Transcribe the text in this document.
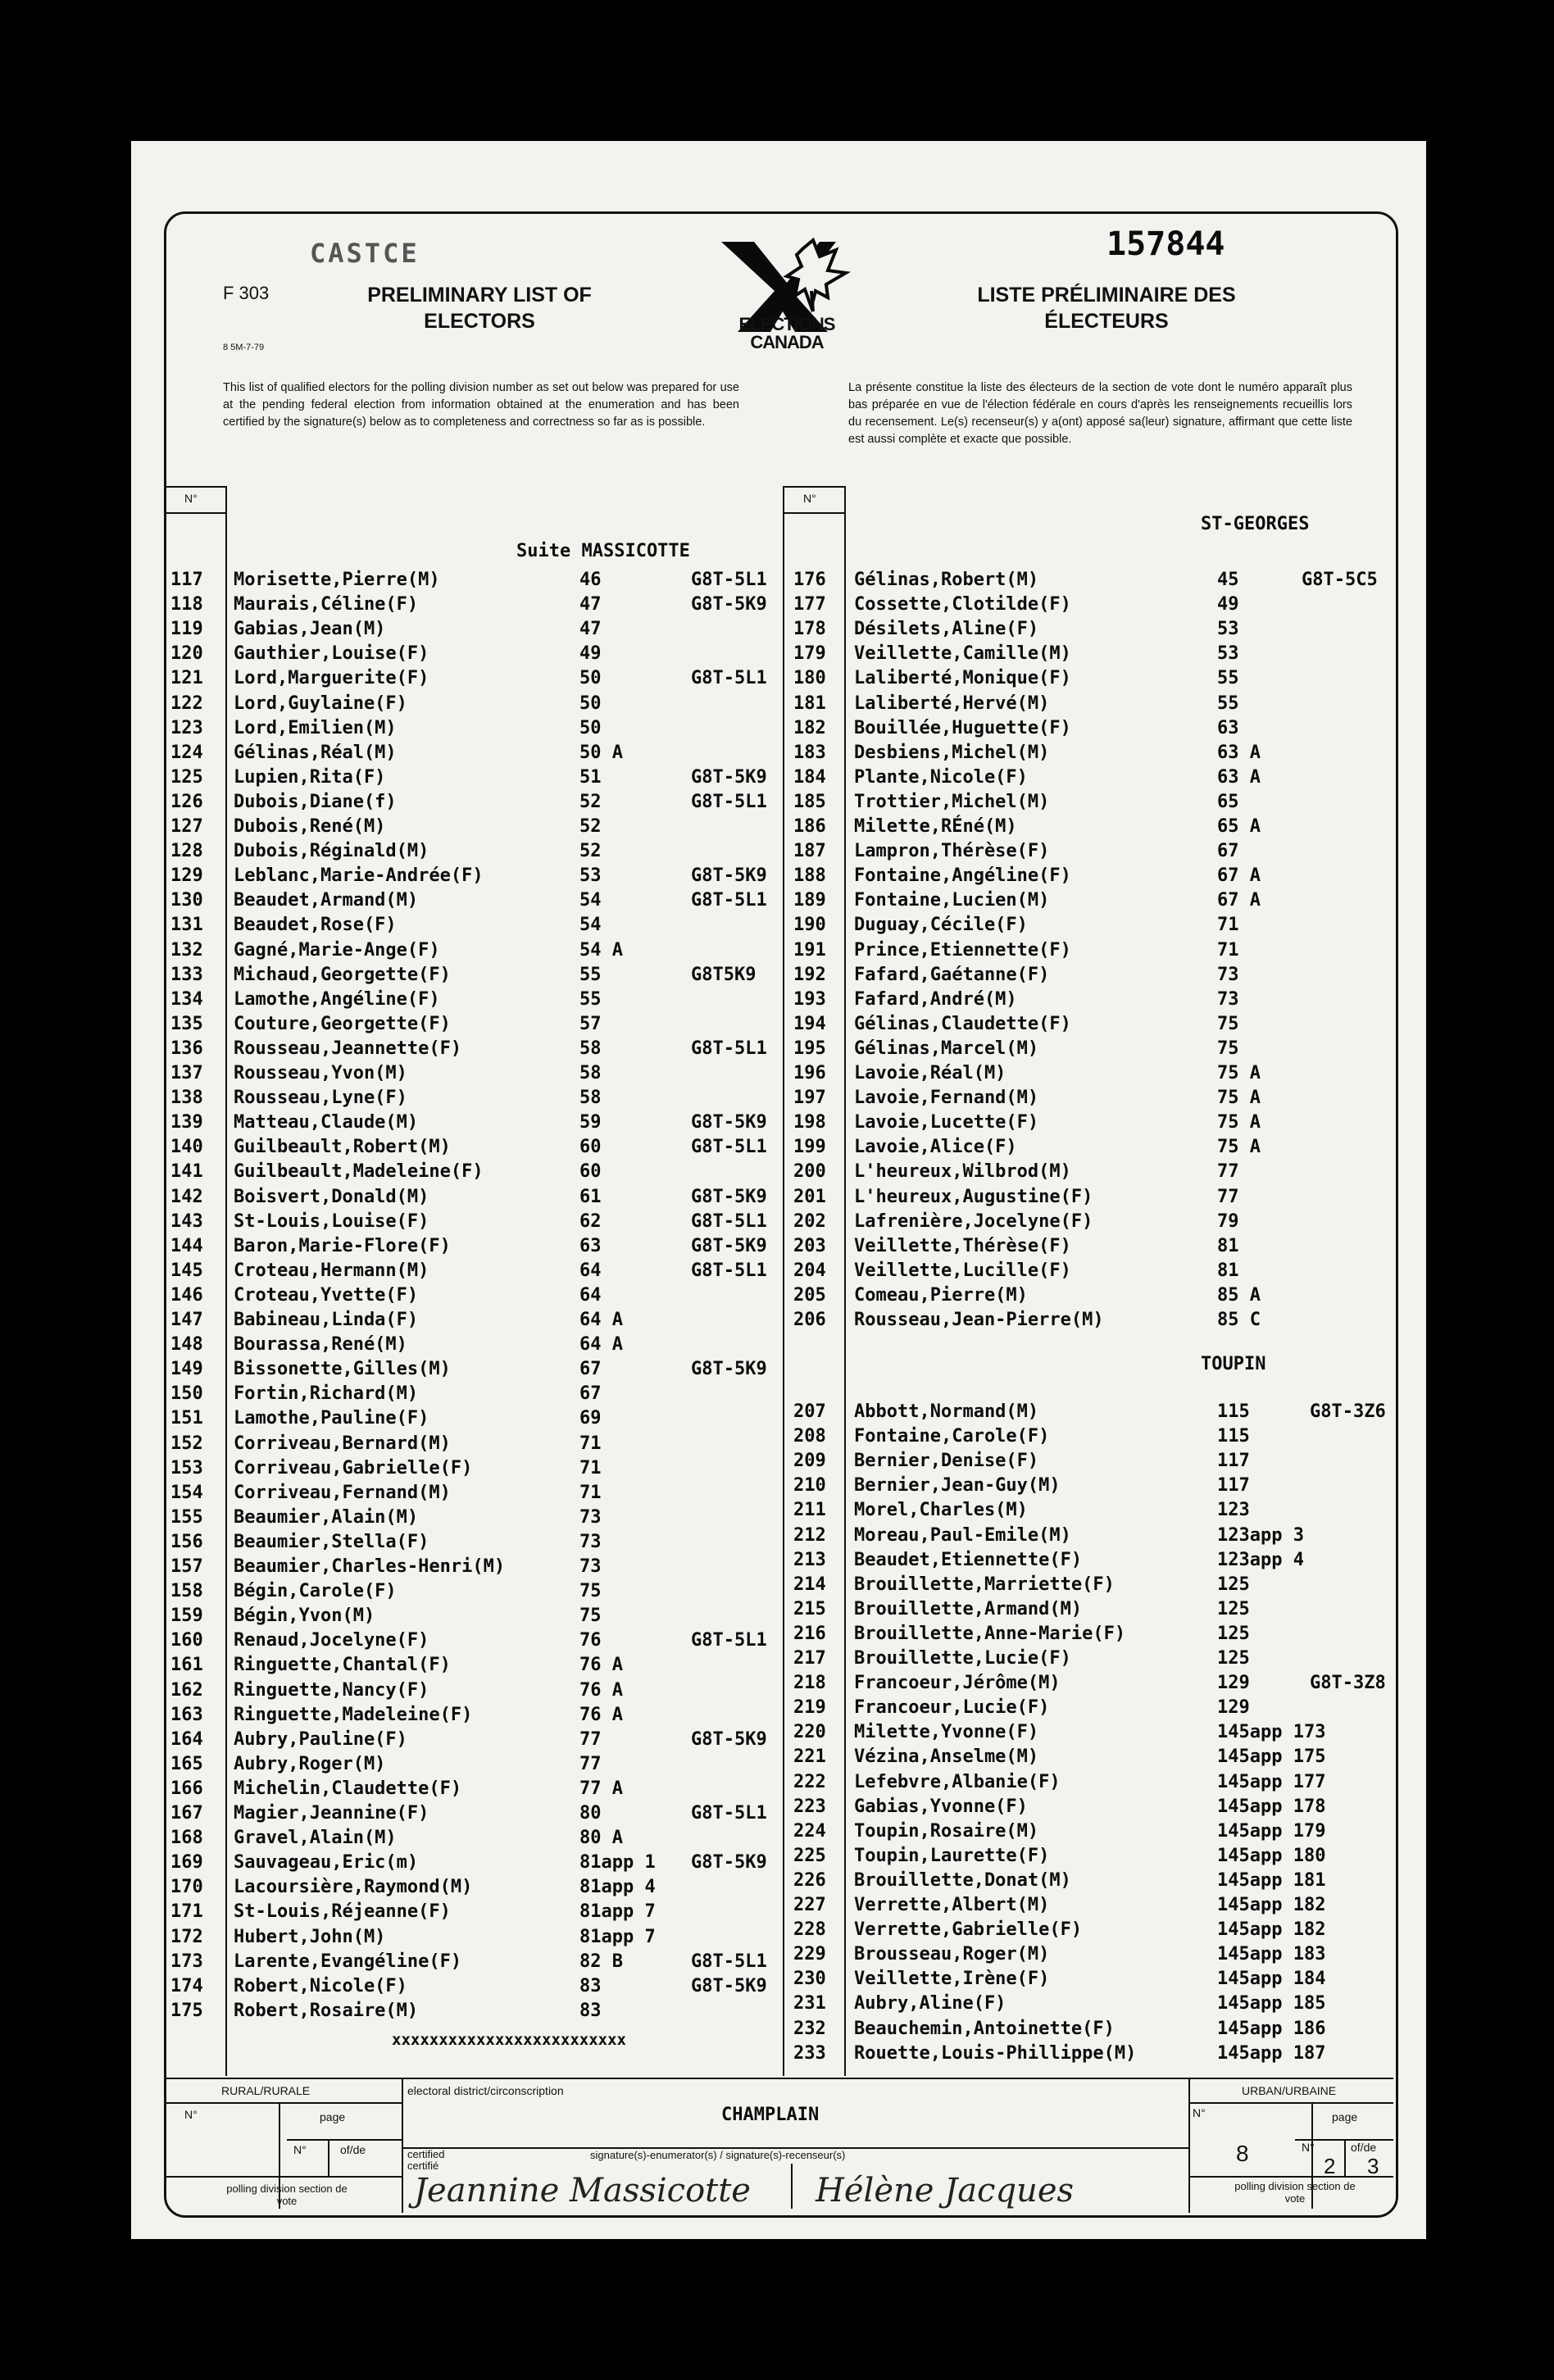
CASTCE
F 303
8 5M-7-79
PRELIMINARY LIST OF ELECTORS	ELECTIONS CANADA
157844
LISTE PRÉLIMINAIRE DES ÉLECTEURS
This list of qualified electors for the polling division number as set out below was prepared for use at the pending federal election from information obtained at the enumeration and has been certified by the signature(s) below as to completeness and correctness so far as is possible.
La présente constitue la liste des électeurs de la section de vote dont le numéro apparaît plus bas préparée en vue de l'élection fédérale en cours d'après les renseignements recueillis lors du recensement. Le(s) recenseur(s) y a(ont) apposé sa(leur) signature, affirmant que cette liste est aussi complète et exacte que possible.
N°	N°
Suite MASSICOTTE
ST-GEORGES
TOUPIN
117 Morisette,Pierre(M)	46	G8T-5L1
118 Maurais,Céline(F)	47	G8T-5K9
119 Gabias,Jean(M)	47
120 Gauthier,Louise(F)	49
121 Lord,Marguerite(F)	50	G8T-5L1
122 Lord,Guylaine(F)	50
123 Lord,Emilien(M)	50
124 Gélinas,Réal(M)	50 A
125 Lupien,Rita(F)	51	G8T-5K9
126 Dubois,Diane(f)	52	G8T-5L1
127 Dubois,René(M)	52
128 Dubois,Réginald(M)	52
129 Leblanc,Marie-Andrée(F)	53	G8T-5K9
130 Beaudet,Armand(M)	54	G8T-5L1
131 Beaudet,Rose(F)	54
132 Gagné,Marie-Ange(F)	54 A
133 Michaud,Georgette(F)	55	G8T5K9
134 Lamothe,Angéline(F)	55
135 Couture,Georgette(F)	57
136 Rousseau,Jeannette(F)	58	G8T-5L1
137 Rousseau,Yvon(M)	58
138 Rousseau,Lyne(F)	58
139 Matteau,Claude(M)	59	G8T-5K9
140 Guilbeault,Robert(M)	60	G8T-5L1
141 Guilbeault,Madeleine(F)	60
142 Boisvert,Donald(M)	61	G8T-5K9
143 St-Louis,Louise(F)	62	G8T-5L1
144 Baron,Marie-Flore(F)	63	G8T-5K9
145 Croteau,Hermann(M)	64	G8T-5L1
146 Croteau,Yvette(F)	64
147 Babineau,Linda(F)	64 A
148 Bourassa,René(M)	64 A
149 Bissonette,Gilles(M)	67	G8T-5K9
150 Fortin,Richard(M)	67
151 Lamothe,Pauline(F)	69
152 Corriveau,Bernard(M)	71
153 Corriveau,Gabrielle(F)	71
154 Corriveau,Fernand(M)	71
155 Beaumier,Alain(M)	73
156 Beaumier,Stella(F)	73
157 Beaumier,Charles-Henri(M)	73
158 Bégin,Carole(F)	75
159 Bégin,Yvon(M)	75
160 Renaud,Jocelyne(F)	76	G8T-5L1
161 Ringuette,Chantal(F)	76 A
162 Ringuette,Nancy(F)	76 A
163 Ringuette,Madeleine(F)	76 A
164 Aubry,Pauline(F)	77	G8T-5K9
165 Aubry,Roger(M)	77
166 Michelin,Claudette(F)	77 A
167 Magier,Jeannine(F)	80	G8T-5L1
168 Gravel,Alain(M)	80 A
169 Sauvageau,Eric(m)	81app 1 G8T-5K9
170 Lacoursière,Raymond(M)	81app 4
171 St-Louis,Réjeanne(F)	81app 7
172 Hubert,John(M)	81app 7
173 Larente,Evangéline(F)	82 B	G8T-5L1
174 Robert,Nicole(F)	83	G8T-5K9
175 Robert,Rosaire(M)	83
176 Gélinas,Robert(M)	45	G8T-5C5
177 Cossette,Clotilde(F)	49
178 Désilets,Aline(F)	53
179 Veillette,Camille(M)	53
180 Laliberté,Monique(F)	55
181 Laliberté,Hervé(M)	55
182 Bouillée,Huguette(F)	63
183 Desbiens,Michel(M)	63 A
184 Plante,Nicole(F)	63 A
185 Trottier,Michel(M)	65
186 Milette,RÉné(M)	65 A
187 Lampron,Thérèse(F)	67
188 Fontaine,Angéline(F)	67 A
189 Fontaine,Lucien(M)	67 A
190 Duguay,Cécile(F)	71
191 Prince,Etiennette(F)	71
192 Fafard,Gaétanne(F)	73
193 Fafard,André(M)	73
194 Gélinas,Claudette(F)	75
195 Gélinas,Marcel(M)	75
196 Lavoie,Réal(M)	75 A
197 Lavoie,Fernand(M)	75 A
198 Lavoie,Lucette(F)	75 A
199 Lavoie,Alice(F)	75 A
200 L'heureux,Wilbrod(M)	77
201 L'heureux,Augustine(F)	77
202 Lafrenière,Jocelyne(F)	79
203 Veillette,Thérèse(F)	81
204 Veillette,Lucille(F)	81
205 Comeau,Pierre(M)	85 A
206 Rousseau,Jean-Pierre(M)	85 C
207 Abbott,Normand(M)	115	G8T-3Z6
208 Fontaine,Carole(F)	115
209 Bernier,Denise(F)	117
210 Bernier,Jean-Guy(M)	117
211 Morel,Charles(M)	123
212 Moreau,Paul-Emile(M)	123app 3
213 Beaudet,Etiennette(F)	123app 4
214 Brouillette,Marriette(F)	125
215 Brouillette,Armand(M)	125
216 Brouillette,Anne-Marie(F)	125
217 Brouillette,Lucie(F)	125
218 Francoeur,Jérôme(M)	129	G8T-3Z8
219 Francoeur,Lucie(F)	129
220 Milette,Yvonne(F)	145app 173
221 Vézina,Anselme(M)	145app 175
222 Lefebvre,Albanie(F)	145app 177
223 Gabias,Yvonne(F)	145app 178
224 Toupin,Rosaire(M)	145app 179
225 Toupin,Laurette(F)	145app 180
226 Brouillette,Donat(M)	145app 181
227 Verrette,Albert(M)	145app 182
228 Verrette,Gabrielle(F)	145app 182
229 Brousseau,Roger(M)	145app 183
230 Veillette,Irène(F)	145app 184
231 Aubry,Aline(F)	145app 185
232 Beauchemin,Antoinette(F)	145app 186
233 Rouette,Louis-Phillippe(M)	145app 187
xxxxxxxxxxxxxxxxxxxxxxxxx
RURAL/RURALE	URBAN/URBAINE
N°	page
N°	of/de
polling division section de vote
electoral district/circonscription
CHAMPLAIN
certified certifié
signature(s)-enumerator(s) / signature(s)-recenseur(s)
Jeannine Massicotte Hélène Jacques
N°	page
8	N°	of/de
2 3
polling division section de vote
